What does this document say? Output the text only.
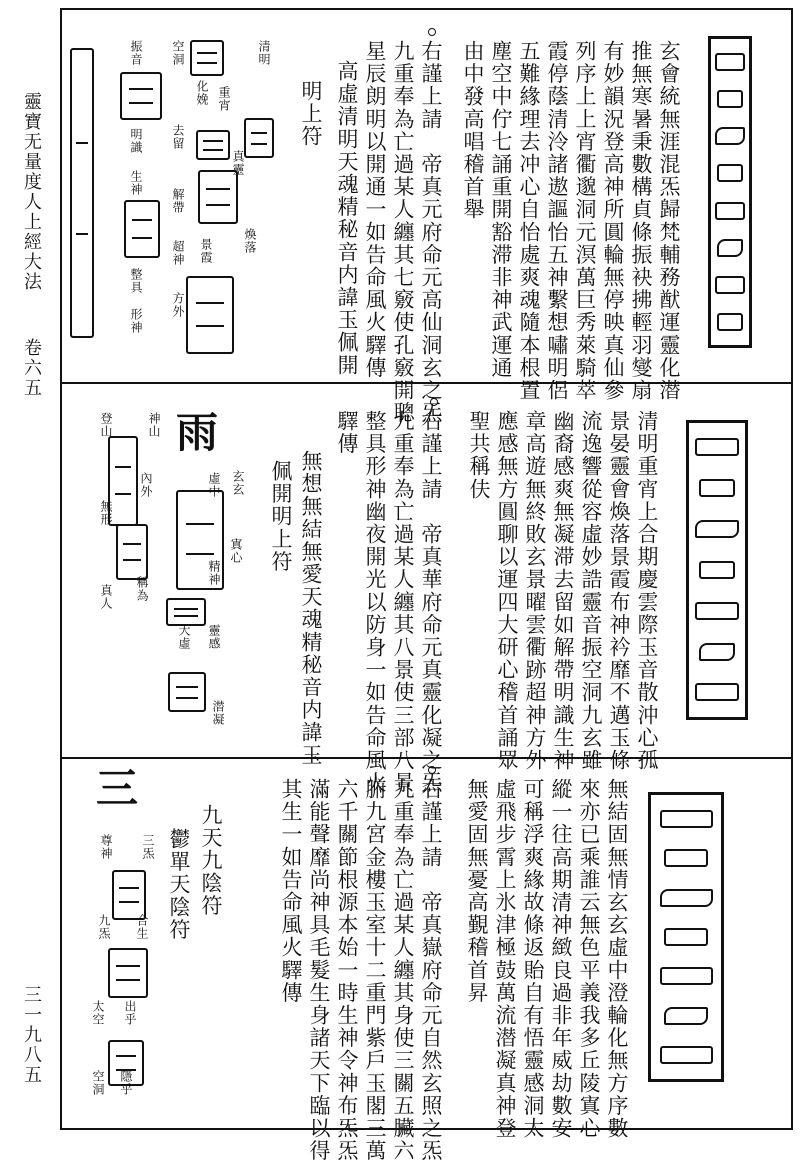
靈寶无量度人上經大法
卷六五
三一九八五
玄會統無涯混炁歸梵輔務猷運靈化潜
推無寒暑秉數構貞條振袂拂輕羽燮扇
有妙韻況登高神所圓輪無停映真仙參
列序上上宵衢邈洞元溟萬巨秀萊騎萃
霞停蔭清泠諸遨謳怡五神繫想嘯明侶
五難緣理去冲心自怡處爽魂隨本根置
塵空中佇七誦重開豁滞非神武運通
由中發高唱稽首舉
右謹上請　帝真元府命元高仙洞玄之炁
九重奉為亡過某人纏其七竅使孔竅開聰
星辰朗明以開通一如告命風火驛傳
高虛清明天魂精秘音内諱玉佩開
明上符
清明
真靈
煥落
重宵
化娩
景霞
空洞
去留
解帶
超神
方外
振音
明識
生神
整具
形神
清明重宵上合期慶雲際玉音散沖心孤
景晏靈會煥落景霞布神衿靡不邁玉條
流逸響從容虛妙誥靈音振空洞九玄雖
幽裔感爽無凝滞去留如解帶明識生神
章高遊無終敗玄景曜雲衢跡超神方外
應感無方圓聊以運四大研心稽首誦眾
聖共稱伕
右謹上請　帝真華府命元真靈化凝之炁
九重奉為亡過某人纏其八景使三部八景
整具形神幽夜開光以防身一如告命風火
驛傳
無想無結無愛天魂精秘音内諱玉
佩開明上符
雨
玄玄
寘心
虛中
精神
靈感
大虛
潜凝
神山
內外
稱為
登山
無形
真人
無結固無情玄玄虛中澄輪化無方序數
來亦已乘誰云無色平義我多丘陵寘心
縱一往高期清神緻良過非年威劫數安
可稱浮爽緣故條返貽自有悟靈感洞太
虛飛步霄上氷津極鼓萬流潜凝真神登
無愛固無憂高覲稽首昇
右謹上請　帝真嶽府命元自然玄照之炁
九重奉為亡過某人纏其身使三關五臟六
腑九宮金樓玉室十二重門紫戶玉閣三萬
六千關節根源本始一時生神令神布炁炁
滿能聲靡尚神具毛髮生身諸天下臨以得
其生一如告命風火驛傳
九天九陰符
鬱單天陰符
三
三炁
合生
出乎
隱乎
尊神
九炁
太空
空洞
